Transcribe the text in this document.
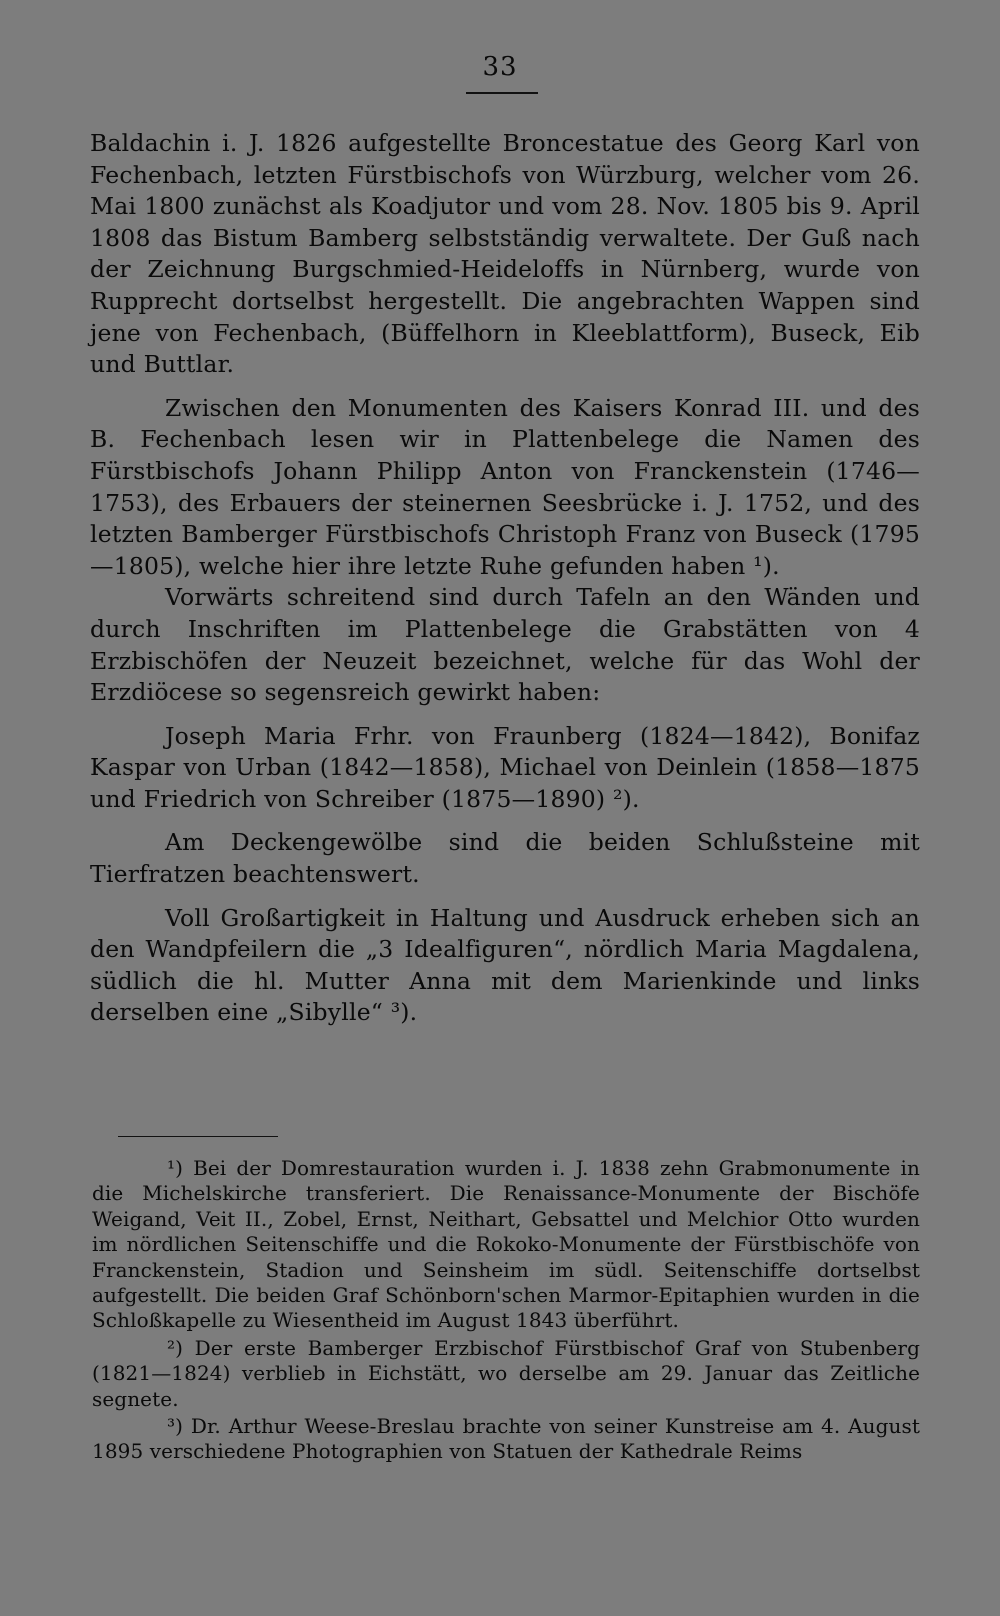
33

Baldachin i. J. 1826 aufgestellte Broncestatue des Georg Karl von Fechenbach, letzten Fürstbischofs von Würzburg, welcher vom 26. Mai 1800 zunächst als Koadjutor und vom 28. Nov. 1805 bis 9. April 1808 das Bistum Bamberg selbstständig verwaltete. Der Guß nach der Zeichnung Burgschmied-Heideloffs in Nürnberg, wurde von Rupprecht dortselbst hergestellt. Die angebrachten Wappen sind jene von Fechenbach, (Büffelhorn in Kleeblattform), Buseck, Eib und Buttlar.

Zwischen den Monumenten des Kaisers Konrad III. und des B. Fechenbach lesen wir in Plattenbelege die Namen des Fürstbischofs Johann Philipp Anton von Franckenstein (1746—1753), des Erbauers der steinernen Seesbrücke i. J. 1752, und des letzten Bamberger Fürstbischofs Christoph Franz von Buseck (1795—1805), welche hier ihre letzte Ruhe gefunden haben ¹).

Vorwärts schreitend sind durch Tafeln an den Wänden und durch Inschriften im Plattenbelege die Grabstätten von 4 Erzbischöfen der Neuzeit bezeichnet, welche für das Wohl der Erzdiöcese so segensreich gewirkt haben:

Joseph Maria Frhr. von Fraunberg (1824—1842), Bonifaz Kaspar von Urban (1842—1858), Michael von Deinlein (1858—1875 und Friedrich von Schreiber (1875—1890) ²).

Am Deckengewölbe sind die beiden Schlußsteine mit Tierfratzen beachtenswert.

Voll Großartigkeit in Haltung und Ausdruck erheben sich an den Wandpfeilern die „3 Idealfiguren“, nördlich Maria Magdalena, südlich die hl. Mutter Anna mit dem Marienkinde und links derselben eine „Sibylle“ ³).

¹) Bei der Domrestauration wurden i. J. 1838 zehn Grabmonumente in die Michelskirche transferiert. Die Renaissance-Monumente der Bischöfe Weigand, Veit II., Zobel, Ernst, Neithart, Gebsattel und Melchior Otto wurden im nördlichen Seitenschiffe und die Rokoko-Monumente der Fürstbischöfe von Franckenstein, Stadion und Seinsheim im südl. Seitenschiffe dortselbst aufgestellt. Die beiden Graf Schönborn'schen Marmor-Epitaphien wurden in die Schloßkapelle zu Wiesentheid im August 1843 überführt.

²) Der erste Bamberger Erzbischof Fürstbischof Graf von Stubenberg (1821—1824) verblieb in Eichstätt, wo derselbe am 29. Januar das Zeitliche segnete.

³) Dr. Arthur Weese-Breslau brachte von seiner Kunstreise am 4. August 1895 verschiedene Photographien von Statuen der Kathedrale Reims
